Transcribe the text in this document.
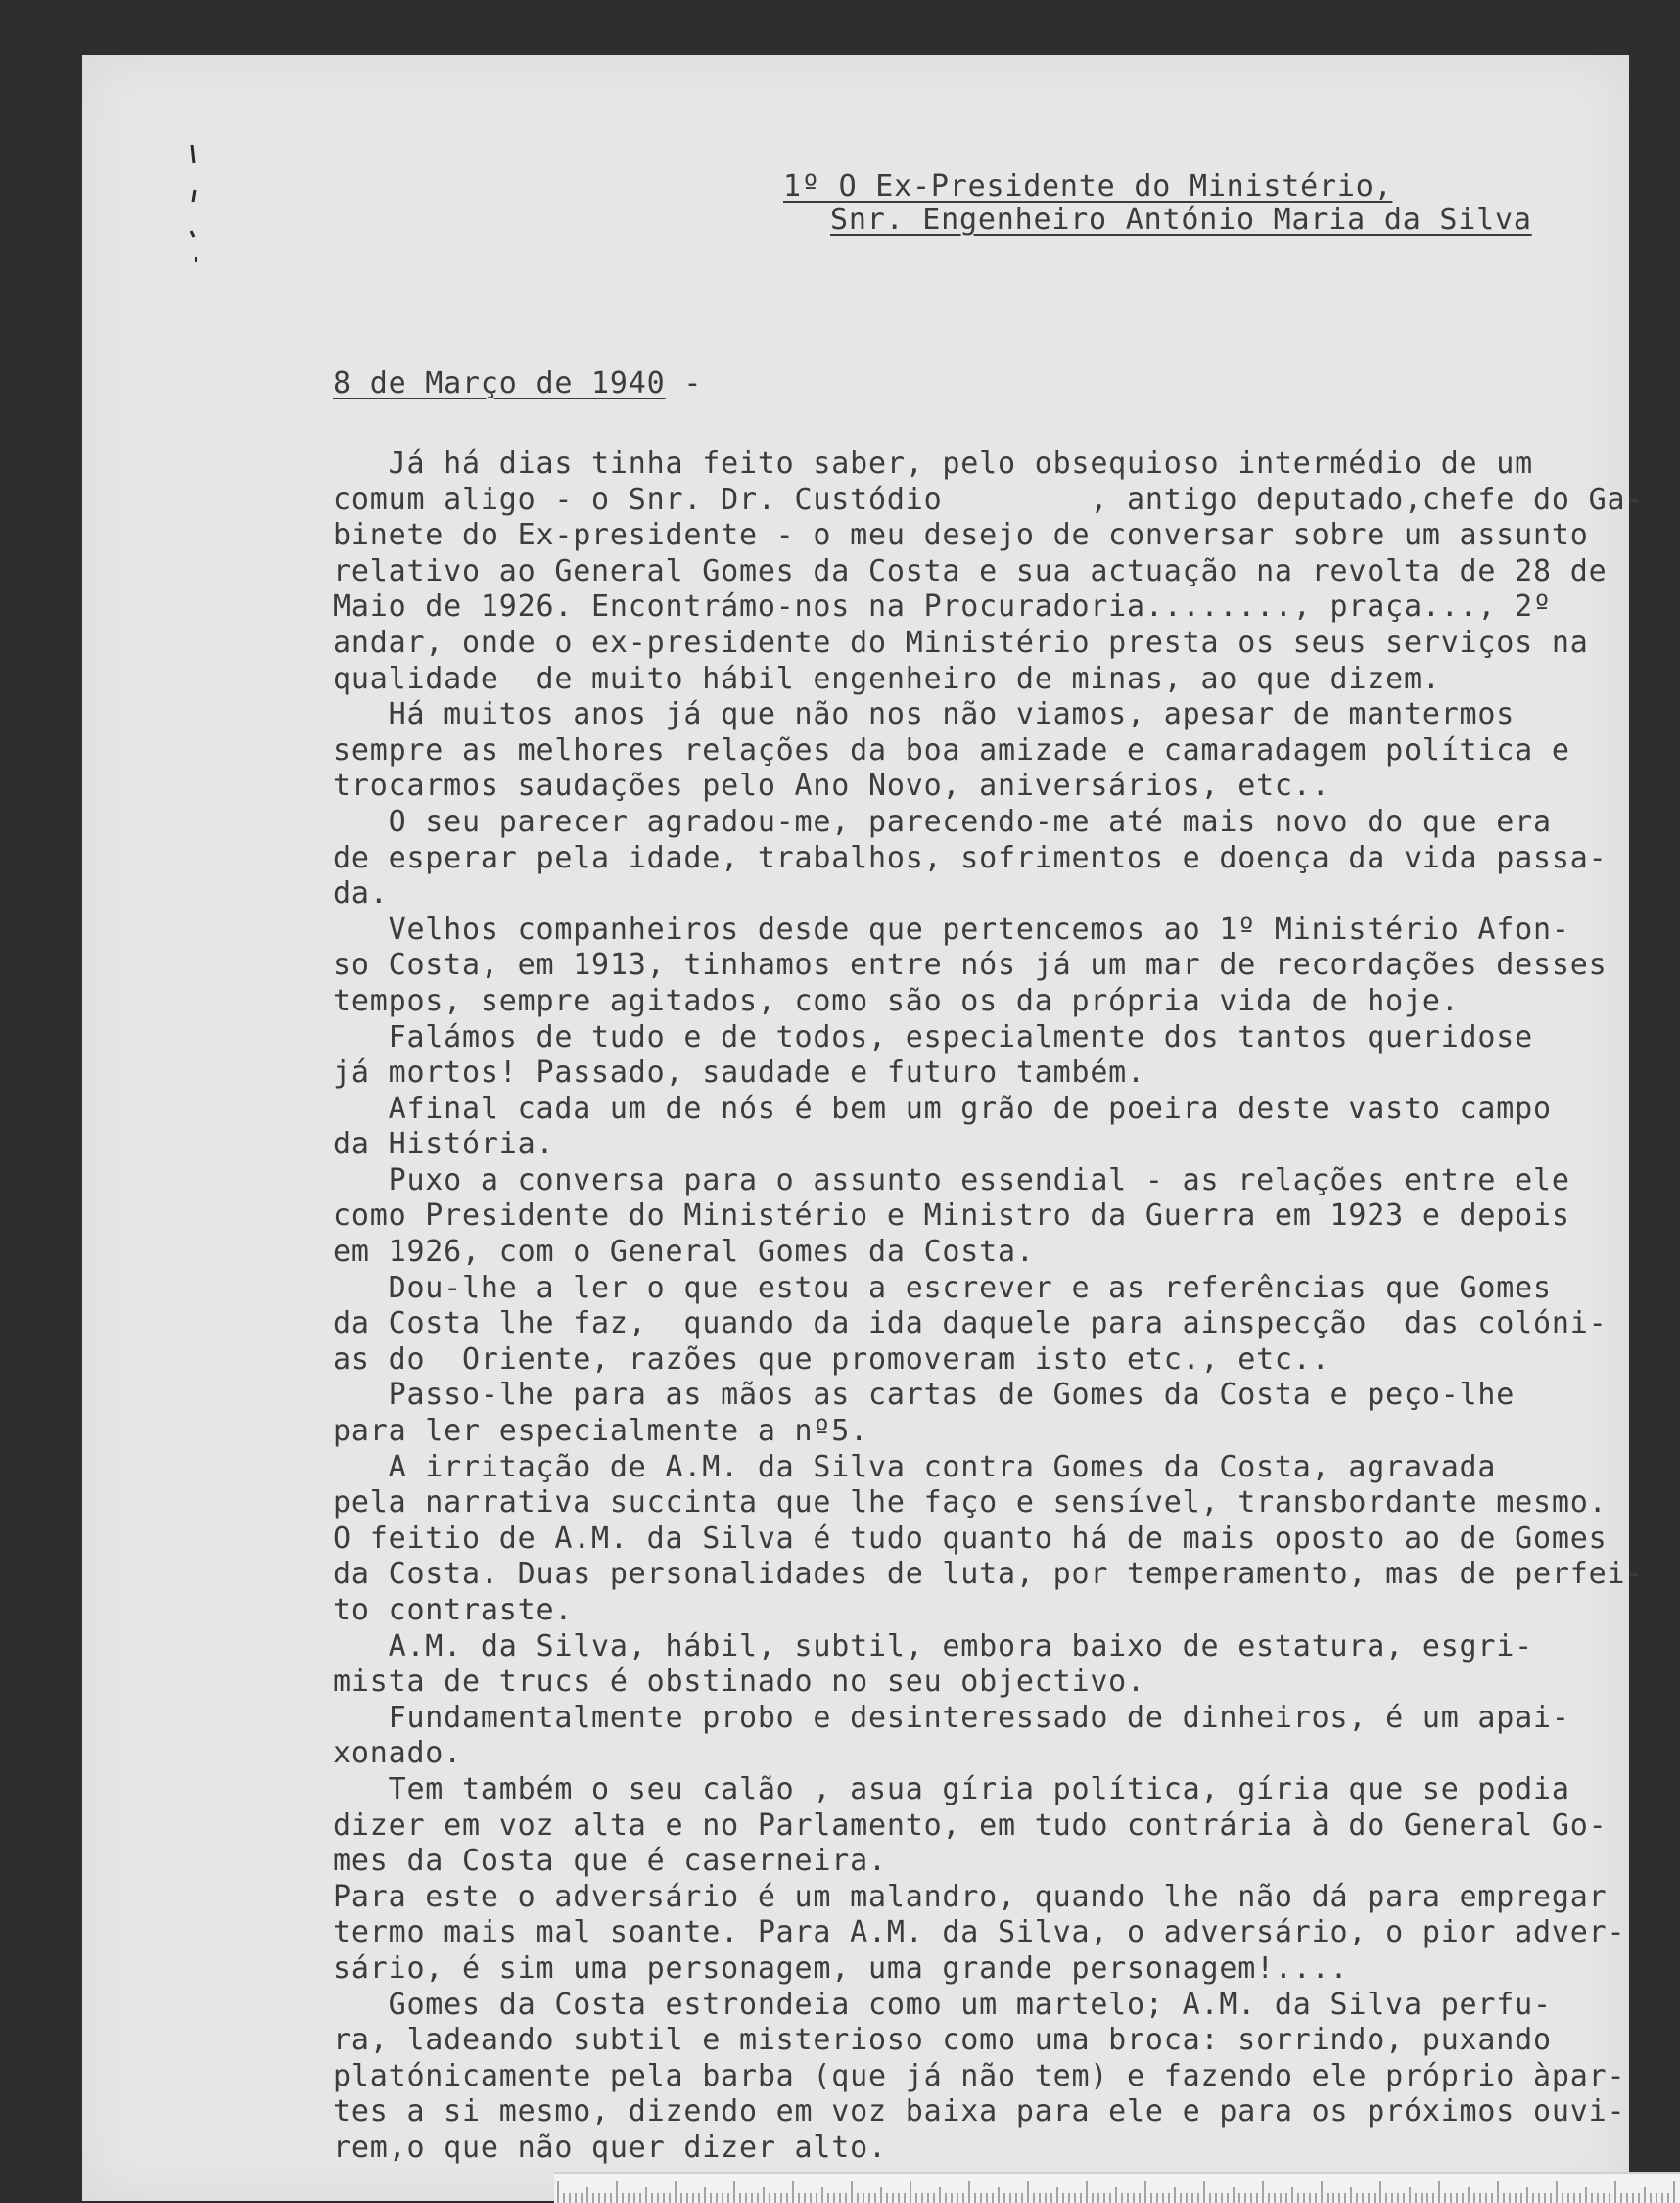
1º O Ex-Presidente do Ministério,
Snr. Engenheiro António Maria da Silva
8 de Março de 1940 -
Já há dias tinha feito saber, pelo obsequioso intermédio de um
comum aligo - o Snr. Dr. Custódio        , antigo deputado,chefe do Ga-
binete do Ex-presidente - o meu desejo de conversar sobre um assunto
relativo ao General Gomes da Costa e sua actuação na revolta de 28 de
Maio de 1926. Encontrámo-nos na Procuradoria........, praça..., 2º
andar, onde o ex-presidente do Ministério presta os seus serviços na
qualidade  de muito hábil engenheiro de minas, ao que dizem.
Há muitos anos já que não nos não viamos, apesar de mantermos
sempre as melhores relações da boa amizade e camaradagem política e
trocarmos saudações pelo Ano Novo, aniversários, etc..
O seu parecer agradou-me, parecendo-me até mais novo do que era
de esperar pela idade, trabalhos, sofrimentos e doença da vida passa-
da.
Velhos companheiros desde que pertencemos ao 1º Ministério Afon-
so Costa, em 1913, tinhamos entre nós já um mar de recordações desses
tempos, sempre agitados, como são os da própria vida de hoje.
Falámos de tudo e de todos, especialmente dos tantos queridose
já mortos! Passado, saudade e futuro também.
Afinal cada um de nós é bem um grão de poeira deste vasto campo
da História.
Puxo a conversa para o assunto essendial - as relações entre ele
como Presidente do Ministério e Ministro da Guerra em 1923 e depois
em 1926, com o General Gomes da Costa.
Dou-lhe a ler o que estou a escrever e as referências que Gomes
da Costa lhe faz,  quando da ida daquele para ainspecção  das colóni-
as do  Oriente, razões que promoveram isto etc., etc..
Passo-lhe para as mãos as cartas de Gomes da Costa e peço-lhe
para ler especialmente a nº5.
A irritação de A.M. da Silva contra Gomes da Costa, agravada
pela narrativa succinta que lhe faço e sensível, transbordante mesmo.
O feitio de A.M. da Silva é tudo quanto há de mais oposto ao de Gomes
da Costa. Duas personalidades de luta, por temperamento, mas de perfei-
to contraste.
A.M. da Silva, hábil, subtil, embora baixo de estatura, esgri-
mista de trucs é obstinado no seu objectivo.
Fundamentalmente probo e desinteressado de dinheiros, é um apai-
xonado.
Tem também o seu calão , asua gíria política, gíria que se podia
dizer em voz alta e no Parlamento, em tudo contrária à do General Go-
mes da Costa que é caserneira.
Para este o adversário é um malandro, quando lhe não dá para empregar
termo mais mal soante. Para A.M. da Silva, o adversário, o pior adver-
sário, é sim uma personagem, uma grande personagem!....
Gomes da Costa estrondeia como um martelo; A.M. da Silva perfu-
ra, ladeando subtil e misterioso como uma broca: sorrindo, puxando
platónicamente pela barba (que já não tem) e fazendo ele próprio àpar-
tes a si mesmo, dizendo em voz baixa para ele e para os próximos ouvi-
rem,o que não quer dizer alto.
